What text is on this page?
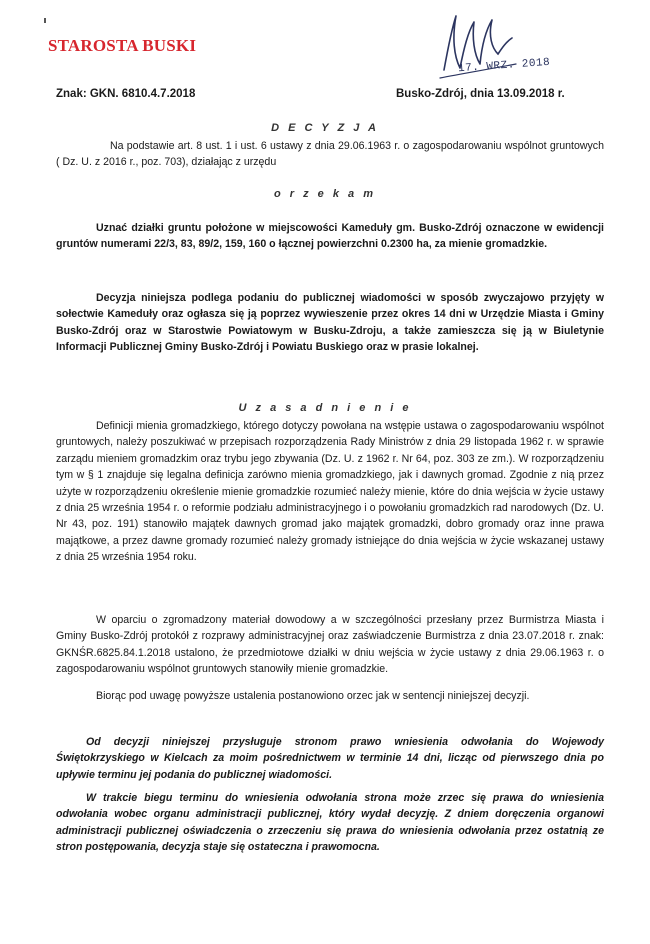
STAROSTA BUSKI
17. WRZ. 2018
Znak: GKN. 6810.4.7.2018	Busko-Zdrój, dnia 13.09.2018 r.
D E C Y Z J A

Na podstawie art. 8 ust. 1 i ust. 6 ustawy z dnia 29.06.1963 r. o zagospodarowaniu wspólnot gruntowych ( Dz. U. z 2016 r., poz. 703), działając z urzędu

o r z e k a m

Uznać działki gruntu położone w miejscowości Kameduły gm. Busko-Zdrój oznaczone w ewidencji gruntów numerami 22/3, 83, 89/2, 159, 160 o łącznej powierzchni 0.2300 ha, za mienie gromadzkie.

Decyzja niniejsza podlega podaniu do publicznej wiadomości w sposób zwyczajowo przyjęty w sołectwie Kameduły oraz ogłasza się ją poprzez wywieszenie przez okres 14 dni w Urzędzie Miasta i Gminy Busko-Zdrój oraz w Starostwie Powiatowym w Busku-Zdroju, a także zamieszcza się ją w Biuletynie Informacji Publicznej Gminy Busko-Zdrój i Powiatu Buskiego oraz w prasie lokalnej.

U z a s a d n i e n i e

Definicji mienia gromadzkiego, którego dotyczy powołana na wstępie ustawa o zagospodarowaniu wspólnot gruntowych, należy poszukiwać w przepisach rozporządzenia Rady Ministrów z dnia 29 listopada 1962 r. w sprawie zarządu mieniem gromadzkim oraz trybu jego zbywania (Dz. U. z 1962 r. Nr 64, poz. 303 ze zm.). W rozporządzeniu tym w § 1 znajduje się legalna definicja zarówno mienia gromadzkiego, jak i dawnych gromad. Zgodnie z nią przez użyte w rozporządzeniu określenie mienie gromadzkie rozumieć należy mienie, które do dnia wejścia w życie ustawy z dnia 25 września 1954 r. o reformie podziału administracyjnego i o powołaniu gromadzkich rad narodowych (Dz. U. Nr 43, poz. 191) stanowiło majątek dawnych gromad jako majątek gromadzki, dobro gromady oraz inne prawa majątkowe, a przez dawne gromady rozumieć należy gromady istniejące do dnia wejścia w życie wskazanej ustawy z dnia 25 września 1954 roku.

W oparciu o zgromadzony materiał dowodowy a w szczególności przesłany przez Burmistrza Miasta i Gminy Busko-Zdrój protokół z rozprawy administracyjnej oraz zaświadczenie Burmistrza z dnia 23.07.2018 r. znak: GKNŚR.6825.84.1.2018 ustalono, że przedmiotowe działki w dniu wejścia w życie ustawy z dnia 29.06.1963 r. o zagospodarowaniu wspólnot gruntowych stanowiły mienie gromadzkie.

Biorąc pod uwagę powyższe ustalenia postanowiono orzec jak w sentencji niniejszej decyzji.

Od decyzji niniejszej przysługuje stronom prawo wniesienia odwołania do Wojewody Świętokrzyskiego w Kielcach za moim pośrednictwem w terminie 14 dni, licząc od pierwszego dnia po upływie terminu jej podania do publicznej wiadomości.

W trakcie biegu terminu do wniesienia odwołania strona może zrzec się prawa do wniesienia odwołania wobec organu administracji publicznej, który wydał decyzję. Z dniem doręczenia organowi administracji publicznej oświadczenia o zrzeczeniu się prawa do wniesienia odwołania przez ostatnią ze stron postępowania, decyzja staje się ostateczna i prawomocna.
